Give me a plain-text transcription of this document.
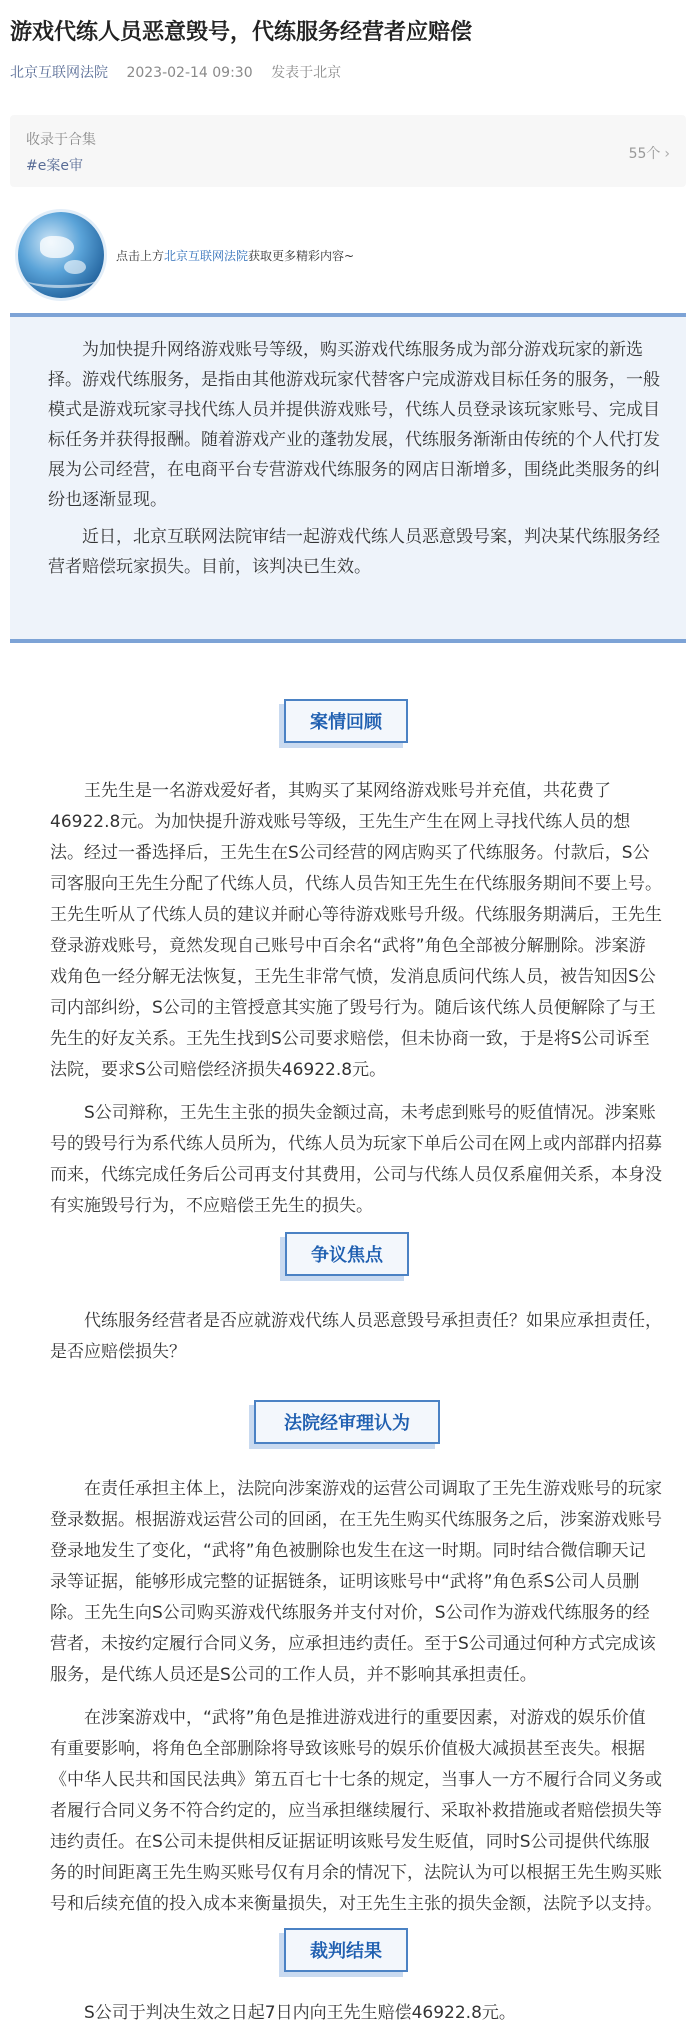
游戏代练人员恶意毁号，代练服务经营者应赔偿
北京互联网法院 2023-02-14 09:30 发表于北京
收录于合集
#e案e审
55个 ›
点击上方北京互联网法院获取更多精彩内容~
为加快提升网络游戏账号等级，购买游戏代练服务成为部分游戏玩家的新选择。游戏代练服务，是指由其他游戏玩家代替客户完成游戏目标任务的服务，一般模式是游戏玩家寻找代练人员并提供游戏账号，代练人员登录该玩家账号、完成目标任务并获得报酬。随着游戏产业的蓬勃发展，代练服务渐渐由传统的个人代打发展为公司经营，在电商平台专营游戏代练服务的网店日渐增多，围绕此类服务的纠纷也逐渐显现。
近日，北京互联网法院审结一起游戏代练人员恶意毁号案，判决某代练服务经营者赔偿玩家损失。目前，该判决已生效。
案情回顾
王先生是一名游戏爱好者，其购买了某网络游戏账号并充值，共花费了46922.8元。为加快提升游戏账号等级，王先生产生在网上寻找代练人员的想法。经过一番选择后，王先生在S公司经营的网店购买了代练服务。付款后，S公司客服向王先生分配了代练人员，代练人员告知王先生在代练服务期间不要上号。王先生听从了代练人员的建议并耐心等待游戏账号升级。代练服务期满后，王先生登录游戏账号，竟然发现自己账号中百余名“武将”角色全部被分解删除。涉案游戏角色一经分解无法恢复，王先生非常气愤，发消息质问代练人员，被告知因S公司内部纠纷，S公司的主管授意其实施了毁号行为。随后该代练人员便解除了与王先生的好友关系。王先生找到S公司要求赔偿，但未协商一致，于是将S公司诉至法院，要求S公司赔偿经济损失46922.8元。
S公司辩称，王先生主张的损失金额过高，未考虑到账号的贬值情况。涉案账号的毁号行为系代练人员所为，代练人员为玩家下单后公司在网上或内部群内招募而来，代练完成任务后公司再支付其费用，公司与代练人员仅系雇佣关系，本身没有实施毁号行为，不应赔偿王先生的损失。
争议焦点
代练服务经营者是否应就游戏代练人员恶意毁号承担责任？如果应承担责任，是否应赔偿损失？
法院经审理认为
在责任承担主体上，法院向涉案游戏的运营公司调取了王先生游戏账号的玩家登录数据。根据游戏运营公司的回函，在王先生购买代练服务之后，涉案游戏账号登录地发生了变化，“武将”角色被删除也发生在这一时期。同时结合微信聊天记录等证据，能够形成完整的证据链条，证明该账号中“武将”角色系S公司人员删除。王先生向S公司购买游戏代练服务并支付对价，S公司作为游戏代练服务的经营者，未按约定履行合同义务，应承担违约责任。至于S公司通过何种方式完成该服务，是代练人员还是S公司的工作人员，并不影响其承担责任。
在涉案游戏中，“武将”角色是推进游戏进行的重要因素，对游戏的娱乐价值有重要影响，将角色全部删除将导致该账号的娱乐价值极大减损甚至丧失。根据《中华人民共和国民法典》第五百七十七条的规定，当事人一方不履行合同义务或者履行合同义务不符合约定的，应当承担继续履行、采取补救措施或者赔偿损失等违约责任。在S公司未提供相反证据证明该账号发生贬值，同时S公司提供代练服务的时间距离王先生购买账号仅有月余的情况下，法院认为可以根据王先生购买账号和后续充值的投入成本来衡量损失，对王先生主张的损失金额，法院予以支持。
裁判结果
S公司于判决生效之日起7日内向王先生赔偿46922.8元。
